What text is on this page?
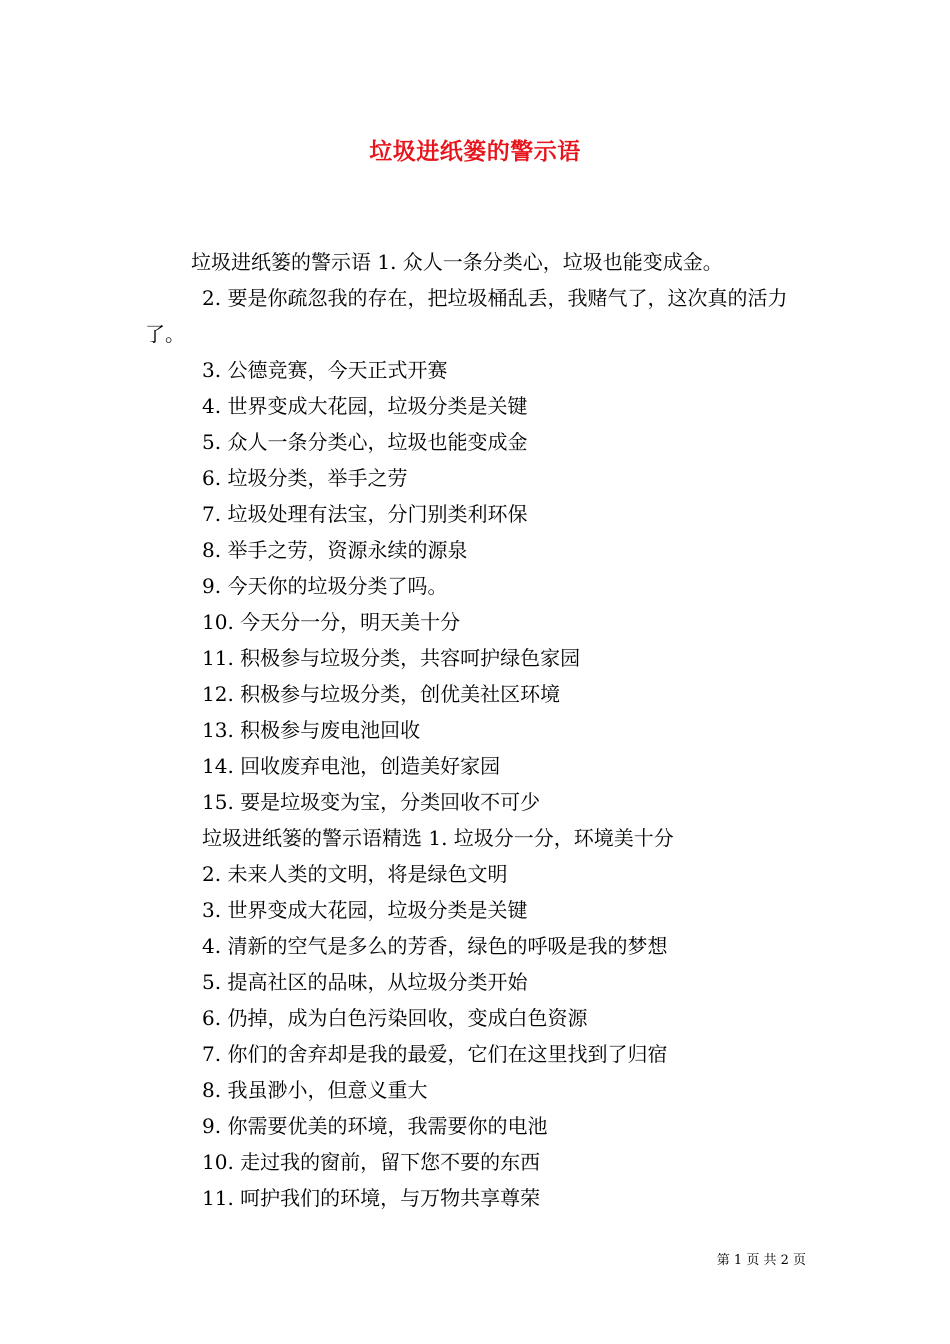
垃圾进纸篓的警示语
垃圾进纸篓的警示语 1. 众人一条分类心，垃圾也能变成金。
2. 要是你疏忽我的存在，把垃圾桶乱丢，我赌气了，这次真的活力了。
3. 公德竞赛，今天正式开赛
4. 世界变成大花园，垃圾分类是关键
5. 众人一条分类心，垃圾也能变成金
6. 垃圾分类，举手之劳
7. 垃圾处理有法宝，分门别类利环保
8. 举手之劳，资源永续的源泉
9. 今天你的垃圾分类了吗。
10. 今天分一分，明天美十分
11. 积极参与垃圾分类，共容呵护绿色家园
12. 积极参与垃圾分类，创优美社区环境
13. 积极参与废电池回收
14. 回收废弃电池，创造美好家园
15. 要是垃圾变为宝，分类回收不可少
垃圾进纸篓的警示语精选 1. 垃圾分一分，环境美十分
2. 未来人类的文明，将是绿色文明
3. 世界变成大花园，垃圾分类是关键
4. 清新的空气是多么的芳香，绿色的呼吸是我的梦想
5. 提高社区的品味，从垃圾分类开始
6. 仍掉，成为白色污染回收，变成白色资源
7. 你们的舍弃却是我的最爱，它们在这里找到了归宿
8. 我虽渺小，但意义重大
9. 你需要优美的环境，我需要你的电池
10. 走过我的窗前，留下您不要的东西
11. 呵护我们的环境，与万物共享尊荣
第 1 页 共 2 页
